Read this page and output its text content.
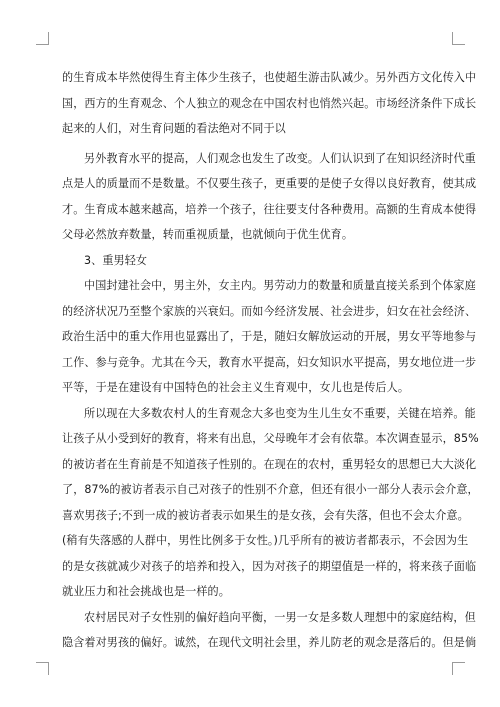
的生育成本毕然使得生育主体少生孩子，也使超生游击队减少。另外西方文化传入中
国，西方的生育观念、个人独立的观念在中国农村也悄然兴起。市场经济条件下成长
起来的人们，对生育问题的看法绝对不同于以
另外教育水平的提高，人们观念也发生了改变。人们认识到了在知识经济时代重
点是人的质量而不是数量。不仅要生孩子，更重要的是使子女得以良好教育，使其成
才。生育成本越来越高，培养一个孩子，往往要支付各种费用。高额的生育成本使得
父母必然放弃数量，转而重视质量，也就倾向于优生优育。
3、重男轻女
中国封建社会中，男主外，女主内。男劳动力的数量和质量直接关系到个体家庭
的经济状况乃至整个家族的兴衰妇。而如今经济发展、社会进步，妇女在社会经济、
政治生活中的重大作用也显露出了，于是，随妇女解放运动的开展，男女平等地参与
工作、参与竞争。尤其在今天，教育水平提高，妇女知识水平提高，男女地位进一步
平等，于是在建设有中国特色的社会主义生育观中，女儿也是传后人。
所以现在大多数农村人的生育观念大多也变为生儿生女不重要，关键在培养。能
让孩子从小受到好的教育，将来有出息，父母晚年才会有依靠。本次调查显示，85%
的被访者在生育前是不知道孩子性别的。在现在的农村，重男轻女的思想已大大淡化
了，87%的被访者表示自己对孩子的性别不介意，但还有很小一部分人表示会介意，
喜欢男孩子;不到一成的被访者表示如果生的是女孩，会有失落，但也不会太介意。
(稍有失落感的人群中，男性比例多于女性。)几乎所有的被访者都表示，不会因为生
的是女孩就减少对孩子的培养和投入，因为对孩子的期望值是一样的，将来孩子面临
就业压力和社会挑战也是一样的。
农村居民对子女性别的偏好趋向平衡，一男一女是多数人理想中的家庭结构，但
隐含着对男孩的偏好。诚然，在现代文明社会里，养儿防老的观念是落后的。但是倘
